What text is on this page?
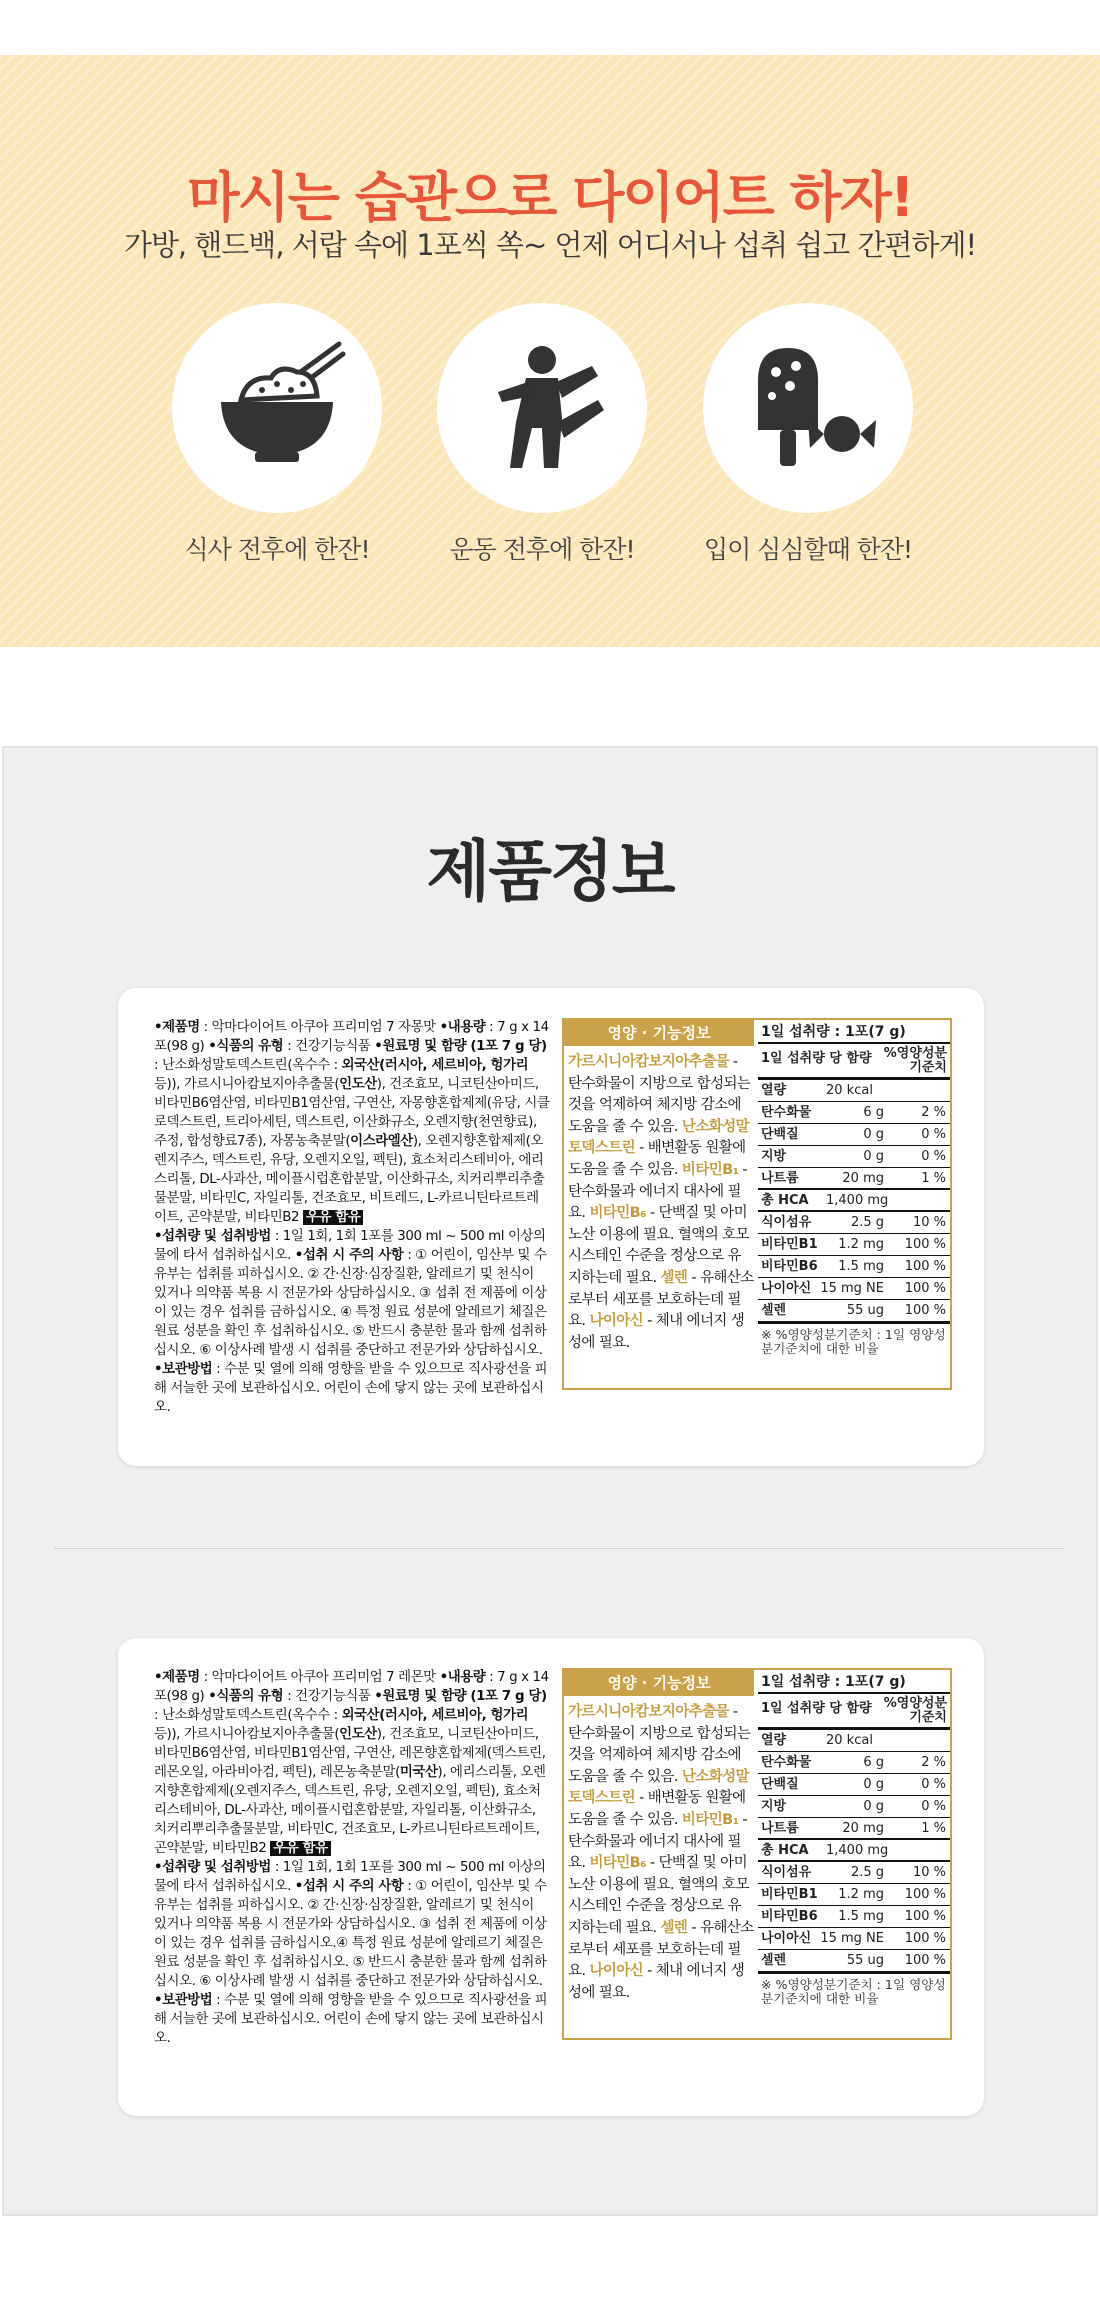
마시는 습관으로 다이어트 하자!
가방, 핸드백, 서랍 속에 1포씩 쏙~ 언제 어디서나 섭취 쉽고 간편하게!
식사 전후에 한잔!	운동 전후에 한잔!	입이 심심할때 한잔!
제품정보
•제품명 : 악마다이어트 아쿠아 프리미엄 7 자몽맛 •내용량 : 7 g x 14포(98 g) •식품의 유형 : 건강기능식품 •원료명 및 함량 (1포 7 g 당) : 난소화성말토덱스트린(옥수수 : 외국산(러시아, 세르비아, 헝가리 등)), 가르시니아캄보지아추출물(인도산), 건조효모, 니코틴산아미드, 비타민B6염산염, 비타민B1염산염, 구연산, 자몽향혼합제제(유당, 시클로덱스트린, 트리아세틴, 덱스트린, 이산화규소, 오렌지향(천연향료), 주정, 합성향료7종), 자몽농축분말(이스라엘산), 오렌지향혼합제제(오렌지주스, 덱스트린, 유당, 오렌지오일, 펙틴), 효소처리스테비아, 에리스리톨, DL-사과산, 메이플시럽혼합분말, 이산화규소, 치커리뿌리추출물분말, 비타민C, 자일리톨, 건조효모, 비트레드, L-카르니틴타르트레이트, 곤약분말, 비타민B2 우유 함유
•섭취량 및 섭취방법 : 1일 1회, 1회 1포를 300 ml ~ 500 ml 이상의 물에 타서 섭취하십시오. •섭취 시 주의 사항 : ① 어린이, 임산부 및 수유부는 섭취를 피하십시오. ② 간·신장·심장질환, 알레르기 및 천식이 있거나 의약품 복용 시 전문가와 상담하십시오. ③ 섭취 전 제품에 이상이 있는 경우 섭취를 금하십시오. ④ 특정 원료 성분에 알레르기 체질은 원료 성분을 확인 후 섭취하십시오. ⑤ 반드시 충분한 물과 함께 섭취하십시오. ⑥ 이상사례 발생 시 섭취를 중단하고 전문가와 상담하십시오. •보관방법 : 수분 및 열에 의해 영향을 받을 수 있으므로 직사광선을 피해 서늘한 곳에 보관하십시오. 어린이 손에 닿지 않는 곳에 보관하십시오.
영양 · 기능정보
가르시니아캄보지아추출물 - 탄수화물이 지방으로 합성되는 것을 억제하여 체지방 감소에 도움을 줄 수 있음. 난소화성말토덱스트린 - 배변활동 원활에 도움을 줄 수 있음. 비타민B₁ - 탄수화물과 에너지 대사에 필요. 비타민B₆ - 단백질 및 아미노산 이용에 필요. 혈액의 호모시스테인 수준을 정상으로 유지하는데 필요. 셀렌 - 유해산소로부터 세포를 보호하는데 필요. 나이아신 - 체내 에너지 생성에 필요.
1일 섭취량 : 1포(7 g)
1일 섭취량 당 함량 %영양성분 기준치
열량	20 kcal
탄수화물	6 g	2 %
단백질	0 g	0 %
지방	0 g	0 %
나트륨	20 mg	1 %
총 HCA	1,400 mg
식이섬유	2.5 g	10 %
비타민B1	1.2 mg	100 %
비타민B6	1.5 mg	100 %
나이아신 15 mg NE	100 %
셀렌	55 ug	100 %
※ %영양성분기준치 : 1일 영양성분기준치에 대한 비율
•제품명 : 악마다이어트 아쿠아 프리미엄 7 레몬맛 •내용량 : 7 g x 14포(98 g) •식품의 유형 : 건강기능식품 •원료명 및 함량 (1포 7 g 당) : 난소화성말토덱스트린(옥수수 : 외국산(러시아, 세르비아, 헝가리 등)), 가르시니아캄보지아추출물(인도산), 건조효모, 니코틴산아미드, 비타민B6염산염, 비타민B1염산염, 구연산, 레몬향혼합제제(덱스트린, 레몬오일, 아라비아검, 펙틴), 레몬농축분말(미국산), 에리스리톨, 오렌지향혼합제제(오렌지주스, 덱스트린, 유당, 오렌지오일, 펙틴), 효소처리스테비아, DL-사과산, 메이플시럽혼합분말, 자일리톨, 이산화규소, 치커리뿌리추출물분말, 비타민C, 건조효모, L-카르니틴타르트레이트, 곤약분말, 비타민B2 우유 함유
•섭취량 및 섭취방법 : 1일 1회, 1회 1포를 300 ml ~ 500 ml 이상의 물에 타서 섭취하십시오. •섭취 시 주의 사항 : ① 어린이, 임산부 및 수유부는 섭취를 피하십시오. ② 간·신장·심장질환, 알레르기 및 천식이 있거나 의약품 복용 시 전문가와 상담하십시오. ③ 섭취 전 제품에 이상이 있는 경우 섭취를 금하십시오.④ 특정 원료 성분에 알레르기 체질은 원료 성분을 확인 후 섭취하십시오. ⑤ 반드시 충분한 물과 함께 섭취하십시오. ⑥ 이상사례 발생 시 섭취를 중단하고 전문가와 상담하십시오. •보관방법 : 수분 및 열에 의해 영향을 받을 수 있으므로 직사광선을 피해 서늘한 곳에 보관하십시오. 어린이 손에 닿지 않는 곳에 보관하십시오.
영양 · 기능정보
가르시니아캄보지아추출물 - 탄수화물이 지방으로 합성되는 것을 억제하여 체지방 감소에 도움을 줄 수 있음. 난소화성말토덱스트린 - 배변활동 원활에 도움을 줄 수 있음. 비타민B₁ - 탄수화물과 에너지 대사에 필요. 비타민B₆ - 단백질 및 아미노산 이용에 필요. 혈액의 호모시스테인 수준을 정상으로 유지하는데 필요. 셀렌 - 유해산소로부터 세포를 보호하는데 필요. 나이아신 - 체내 에너지 생성에 필요.
1일 섭취량 : 1포(7 g)
1일 섭취량 당 함량 %영양성분 기준치
열량	20 kcal
탄수화물	6 g	2 %
단백질	0 g	0 %
지방	0 g	0 %
나트륨	20 mg	1 %
총 HCA	1,400 mg
식이섬유	2.5 g	10 %
비타민B1	1.2 mg	100 %
비타민B6	1.5 mg	100 %
나이아신 15 mg NE	100 %
셀렌	55 ug	100 %
※ %영양성분기준치 : 1일 영양성분기준치에 대한 비율
